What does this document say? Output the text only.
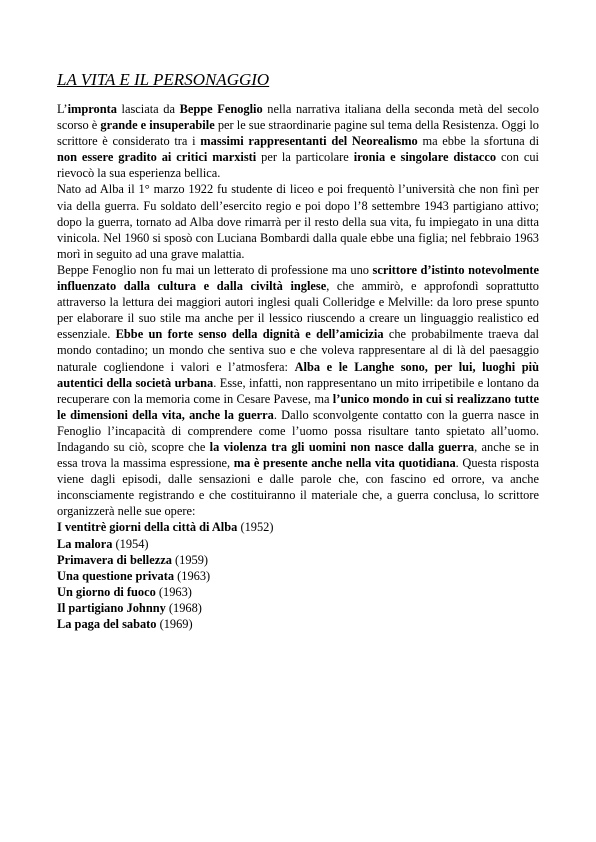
LA VITA E IL PERSONAGGIO

L’impronta lasciata da Beppe Fenoglio nella narrativa italiana della seconda metà del secolo scorso è grande e insuperabile per le sue straordinarie pagine sul tema della Resistenza. Oggi lo scrittore è considerato tra i massimi rappresentanti del Neorealismo ma ebbe la sfortuna di non essere gradito ai critici marxisti per la particolare ironia e singolare distacco con cui rievocò la sua esperienza bellica.

Nato ad Alba il 1° marzo 1922 fu studente di liceo e poi frequentò l’università che non finì per via della guerra. Fu soldato dell’esercito regio e poi dopo l’8 settembre 1943 partigiano attivo; dopo la guerra, tornato ad Alba dove rimarrà per il resto della sua vita, fu impiegato in una ditta vinicola. Nel 1960 si sposò con Luciana Bombardi dalla quale ebbe una figlia; nel febbraio 1963 morì in seguito ad una grave malattia.

Beppe Fenoglio non fu mai un letterato di professione ma uno scrittore d’istinto notevolmente influenzato dalla cultura e dalla civiltà inglese, che ammirò, e approfondì soprattutto attraverso la lettura dei maggiori autori inglesi quali Colleridge e Melville: da loro prese spunto per elaborare il suo stile ma anche per il lessico riuscendo a creare un linguaggio realistico ed essenziale. Ebbe un forte senso della dignità e dell’amicizia che probabilmente traeva dal mondo contadino; un mondo che sentiva suo e che voleva rappresentare al di là del paesaggio naturale cogliendone i valori e l’atmosfera: Alba e le Langhe sono, per lui, luoghi più autentici della società urbana. Esse, infatti, non rappresentano un mito irripetibile e lontano da recuperare con la memoria come in Cesare Pavese, ma l’unico mondo in cui si realizzano tutte le dimensioni della vita, anche la guerra. Dallo sconvolgente contatto con la guerra nasce in Fenoglio l’incapacità di comprendere come l’uomo possa risultare tanto spietato all’uomo. Indagando su ciò, scopre che la violenza tra gli uomini non nasce dalla guerra, anche se in essa trova la massima espressione, ma è presente anche nella vita quotidiana. Questa risposta viene dagli episodi, dalle sensazioni e dalle parole che, con fascino ed orrore, va anche inconsciamente registrando e che costituiranno il materiale che, a guerra conclusa, lo scrittore organizzerà nelle sue opere:

I ventitrè giorni della città di Alba (1952)
La malora (1954)
Primavera di bellezza (1959)
Una questione privata (1963)
Un giorno di fuoco (1963)
Il partigiano Johnny (1968)
La paga del sabato (1969)
